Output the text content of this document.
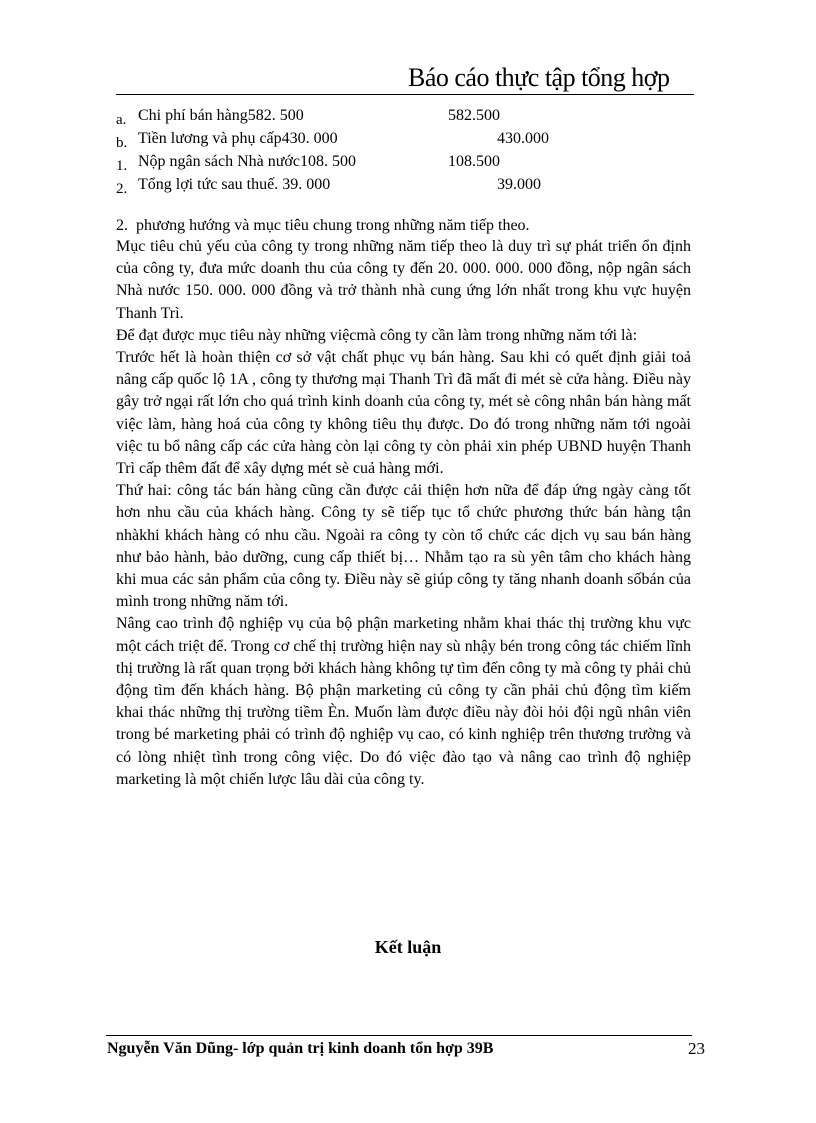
Báo cáo thực tập tổng hợp
a. Chi phí bán hàng582. 500	582.500
b. Tiền lương và phụ cấp430. 000	430.000
1. Nộp ngân sách Nhà nước108. 500	108.500
2. Tổng lợi tức sau thuế. 39. 000	39.000
2. phương hướng và mục tiêu chung trong những năm tiếp theo.

Mục tiêu chủ yếu của công ty trong những năm tiếp theo là duy trì sự phát triển ổn định của công ty, đưa mức doanh thu của công ty đến 20. 000. 000. 000 đồng, nộp ngân sách Nhà nước 150. 000. 000 đồng và trở thành nhà cung ứng lớn nhất trong khu vực huyện Thanh Trì.

Để đạt được mục tiêu này những việcmà công ty cần làm trong những năm tới là:

Trước hết là hoàn thiện cơ sở vật chất phục vụ bán hàng. Sau khi có quết định giải toả nâng cấp quốc lộ 1A , công ty thương mại Thanh Trì đã mất đi mét sè cửa hàng. Điều này gây trở ngại rất lớn cho quá trình kinh doanh của công ty, mét sè công nhân bán hàng mất việc làm, hàng hoá của công ty không tiêu thụ được. Do đó trong những năm tới ngoài việc tu bổ nâng cấp các cửa hàng còn lại công ty còn phải xin phép UBND huyện Thanh Trì cấp thêm đất để xây dựng mét sè cuả hàng mới.

Thứ hai: công tác bán hàng cũng cần được cải thiện hơn nữa để đáp ứng ngày càng tốt hơn nhu cầu của khách hàng. Công ty sẽ tiếp tục tổ chức phương thức bán hàng tận nhàkhi khách hàng có nhu cầu. Ngoài ra công ty còn tổ chức các dịch vụ sau bán hàng như bảo hành, bảo dưỡng, cung cấp thiết bị… Nhằm tạo ra sù yên tâm cho khách hàng khi mua các sản phẩm của công ty. Điều này sẽ giúp công ty tăng nhanh doanh sốbán của mình trong những năm tới.

Nâng cao trình độ nghiệp vụ của bộ phận marketing nhằm khai thác thị trường khu vực một cách triệt để. Trong cơ chế thị trường hiện nay sù nhậy bén trong công tác chiếm lĩnh thị trường là rất quan trọng bởi khách hàng không tự tìm đến công ty mà công ty phải chủ động tìm đến khách hàng. Bộ phận marketing củ công ty cần phải chủ động tìm kiếm khai thác những thị trường tiềm Èn. Muốn làm được điều này đòi hỏi đội ngũ nhân viên trong bé marketing phải có trình độ nghiệp vụ cao, có kinh nghiệp trên thương trường và có lòng nhiệt tình trong công việc. Do đó việc đào tạo và nâng cao trình độ nghiệp marketing là một chiến lược lâu dài của công ty.

Kết luận
Nguyễn Văn Dũng- lớp quản trị kinh doanh tổn hợp 39B	23
